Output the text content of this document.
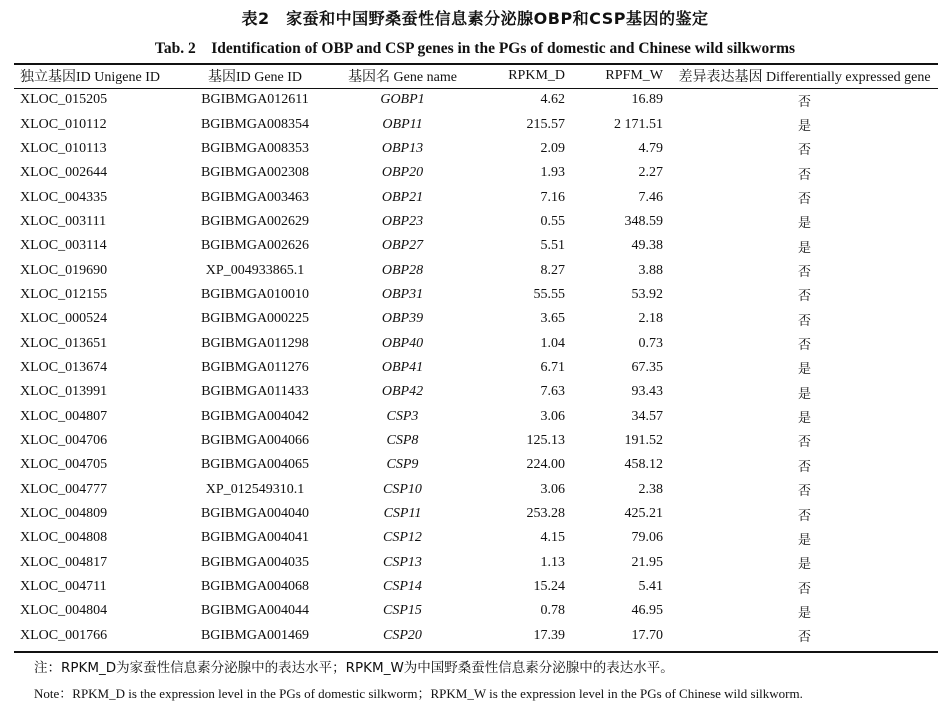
表2　家蚕和中国野桑蚕性信息素分泌腺OBP和CSP基因的鉴定
Tab. 2　Identification of OBP and CSP genes in the PGs of domestic and Chinese wild silkworms
独立基因ID Unigene ID	基因ID Gene ID	基因名 Gene name	RPKM_D	RPFM_W	差异表达基因 Differentially expressed gene
XLOC_015205	BGIBMGA012611	GOBP1	4.62	16.89	否
XLOC_010112	BGIBMGA008354	OBP11	215.57	2 171.51	是
XLOC_010113	BGIBMGA008353	OBP13	2.09	4.79	否
XLOC_002644	BGIBMGA002308	OBP20	1.93	2.27	否
XLOC_004335	BGIBMGA003463	OBP21	7.16	7.46	否
XLOC_003111	BGIBMGA002629	OBP23	0.55	348.59	是
XLOC_003114	BGIBMGA002626	OBP27	5.51	49.38	是
XLOC_019690	XP_004933865.1	OBP28	8.27	3.88	否
XLOC_012155	BGIBMGA010010	OBP31	55.55	53.92	否
XLOC_000524	BGIBMGA000225	OBP39	3.65	2.18	否
XLOC_013651	BGIBMGA011298	OBP40	1.04	0.73	否
XLOC_013674	BGIBMGA011276	OBP41	6.71	67.35	是
XLOC_013991	BGIBMGA011433	OBP42	7.63	93.43	是
XLOC_004807	BGIBMGA004042	CSP3	3.06	34.57	是
XLOC_004706	BGIBMGA004066	CSP8	125.13	191.52	否
XLOC_004705	BGIBMGA004065	CSP9	224.00	458.12	否
XLOC_004777	XP_012549310.1	CSP10	3.06	2.38	否
XLOC_004809	BGIBMGA004040	CSP11	253.28	425.21	否
XLOC_004808	BGIBMGA004041	CSP12	4.15	79.06	是
XLOC_004817	BGIBMGA004035	CSP13	1.13	21.95	是
XLOC_004711	BGIBMGA004068	CSP14	15.24	5.41	否
XLOC_004804	BGIBMGA004044	CSP15	0.78	46.95	是
XLOC_001766	BGIBMGA001469	CSP20	17.39	17.70	否
注：RPKM_D为家蚕性信息素分泌腺中的表达水平；RPKM_W为中国野桑蚕性信息素分泌腺中的表达水平。
Note：RPKM_D is the expression level in the PGs of domestic silkworm；RPKM_W is the expression level in the PGs of Chinese wild silkworm.
